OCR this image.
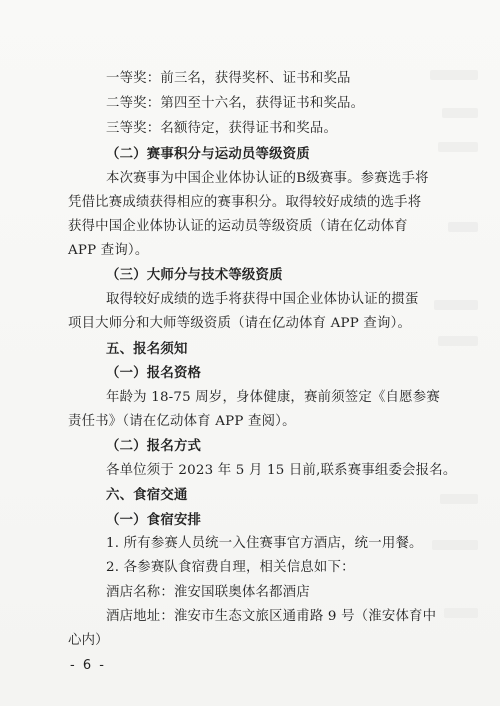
一等奖：前三名，获得奖杯、证书和奖品
二等奖：第四至十六名，获得证书和奖品。
三等奖：名额待定，获得证书和奖品。
（二）赛事积分与运动员等级资质
本次赛事为中国企业体协认证的B级赛事。参赛选手将
凭借比赛成绩获得相应的赛事积分。取得较好成绩的选手将
获得中国企业体协认证的运动员等级资质（请在亿动体育
APP 查询）。
（三）大师分与技术等级资质
取得较好成绩的选手将获得中国企业体协认证的掼蛋
项目大师分和大师等级资质（请在亿动体育 APP 查询）。
五、报名须知
（一）报名资格
年龄为 18-75 周岁，身体健康，赛前须签定《自愿参赛
责任书》（请在亿动体育 APP 查阅）。
（二）报名方式
各单位须于 2023 年 5 月 15 日前,联系赛事组委会报名。
六、食宿交通
（一）食宿安排
1. 所有参赛人员统一入住赛事官方酒店，统一用餐。
2. 各参赛队食宿费自理，相关信息如下：
酒店名称：淮安国联奥体名都酒店
酒店地址：淮安市生态文旅区通甫路 9 号（淮安体育中
心内）
- 6 -
